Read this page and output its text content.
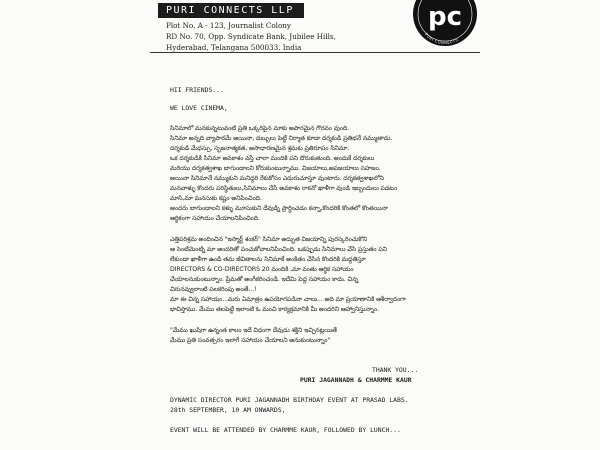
PURI CONNECTS LLP
Plot No. A - 123, Journalist Colony
RD No. 70, Opp. Syndicate Bank, Jubilee Hills,
Hyderabad, Telangana 500033. India
pc
PURI CONNECTS
HII FRIENDS...
WE LOVE CINEMA,
సినిమాలో మనకున్నటువంటి ప్రతి ఒక్కరిపైన మాకు అపారమైన గౌరవం వుంది.
సినిమా అన్నది వ్యాపారమే అయినా, డబ్బులు పెట్టే నిర్మాత కూడా దర్శకుడి ప్రతిభనే నమ్ముతాడు.
దర్శకుడి మేధస్సు, సృజనాత్మకత, అసాధారణమైన శ్రమకు ప్రతిరూపం సినిమా.
ఒక దర్శకుడికి సినిమా అవకాశం వస్తే చాలా మందికి పని దొరుకుతుంది. అందుకే దర్శకులు
మరియు దర్శకత్వశాఖ బాగుండాలని కోరుకుంటున్నాము. విజయాలు,అపజయాలు సహజం.
అయినా సినిమానే నమ్ముకుని మనిద్దరి రేకుకోసం ఎదురుచూస్తూ వుంటారు. దర్శకత్వశాఖలోని
మనవాళ్ళు కొందరు పరిస్థితులు,సినిమాలు చేసే అవకాశం రాకనో ఖాళీగా వుండి ఇబ్బందులు పడటం
మాసి,మా మనసుకు కష్టం అనిపించింది.
అందరు బాగుండాలని కళ్ళు మూసుకుని దేవుడ్ని ప్రార్థించడం కన్నా,కొందరికి కొంతలో కొంతయినా
ఆర్థికంగా సహాయం చేయాలనిపించింది.
ఎత్తిపరిశ్రమ అందించిన "ఇస్మార్ట్ శంకర్" సినిమా అద్భుత విజయాన్ని పురస్కరించుకొని
ఆ సెంటిమెంట్ని మా అందరితో పంచుకోవాలనిపించింది. ఒకప్పుడు సినిమాలు చేసి ప్రస్తుతం పని
లేకుండా ఖాళీగా ఉండి తమ జీవితాలను సినిమాకే అంకితం చేసిన కొందరికి మద్దతిస్తూ
DIRECTORS & CO-DIRECTORS 20 మందికి ,మా వంతు ఆర్థిక సహాయం
చేయాలనుకుంటున్నాం. ప్రేమతో అంగీకరించండి. ఇదేమి పెద్ద సహాయం కాదు. చిన్న
చిరునవ్వులాంటి పలకరింపు అంతే...!
మా ఈ చిన్న సహాయం...మరు ఏమాత్రం ఉపయోగపడినా చాలు... అది మా ప్రయాణానికి ఆశీర్వాదంగా
భావిస్తాము. మేము తలపెట్టే ఇలాంటి ఓ మంచి కార్యక్రమానికి మీ అందరిని ఆహ్వానిస్తున్నాం.
"మేము ఖుషిగా ఉన్నంత కాలం ఇదే విధంగా దేవుడు శక్తిని ఇచ్చినట్లయితే
మేము ప్రతి సంవత్సరం ఇలాగే సహాయం చేయాలని అనుకుంటున్నాం"
THANK YOU...
PURI JAGANNADH & CHARMME KAUR
DYNAMIC DIRECTOR PURI JAGANNADH BIRTHDAY EVENT AT PRASAD LABS.
28th SEPTEMBER, 10 AM ONWARDS,
EVENT WILL BE ATTENDED BY CHARMME KAUR, FOLLOWED BY LUNCH...
